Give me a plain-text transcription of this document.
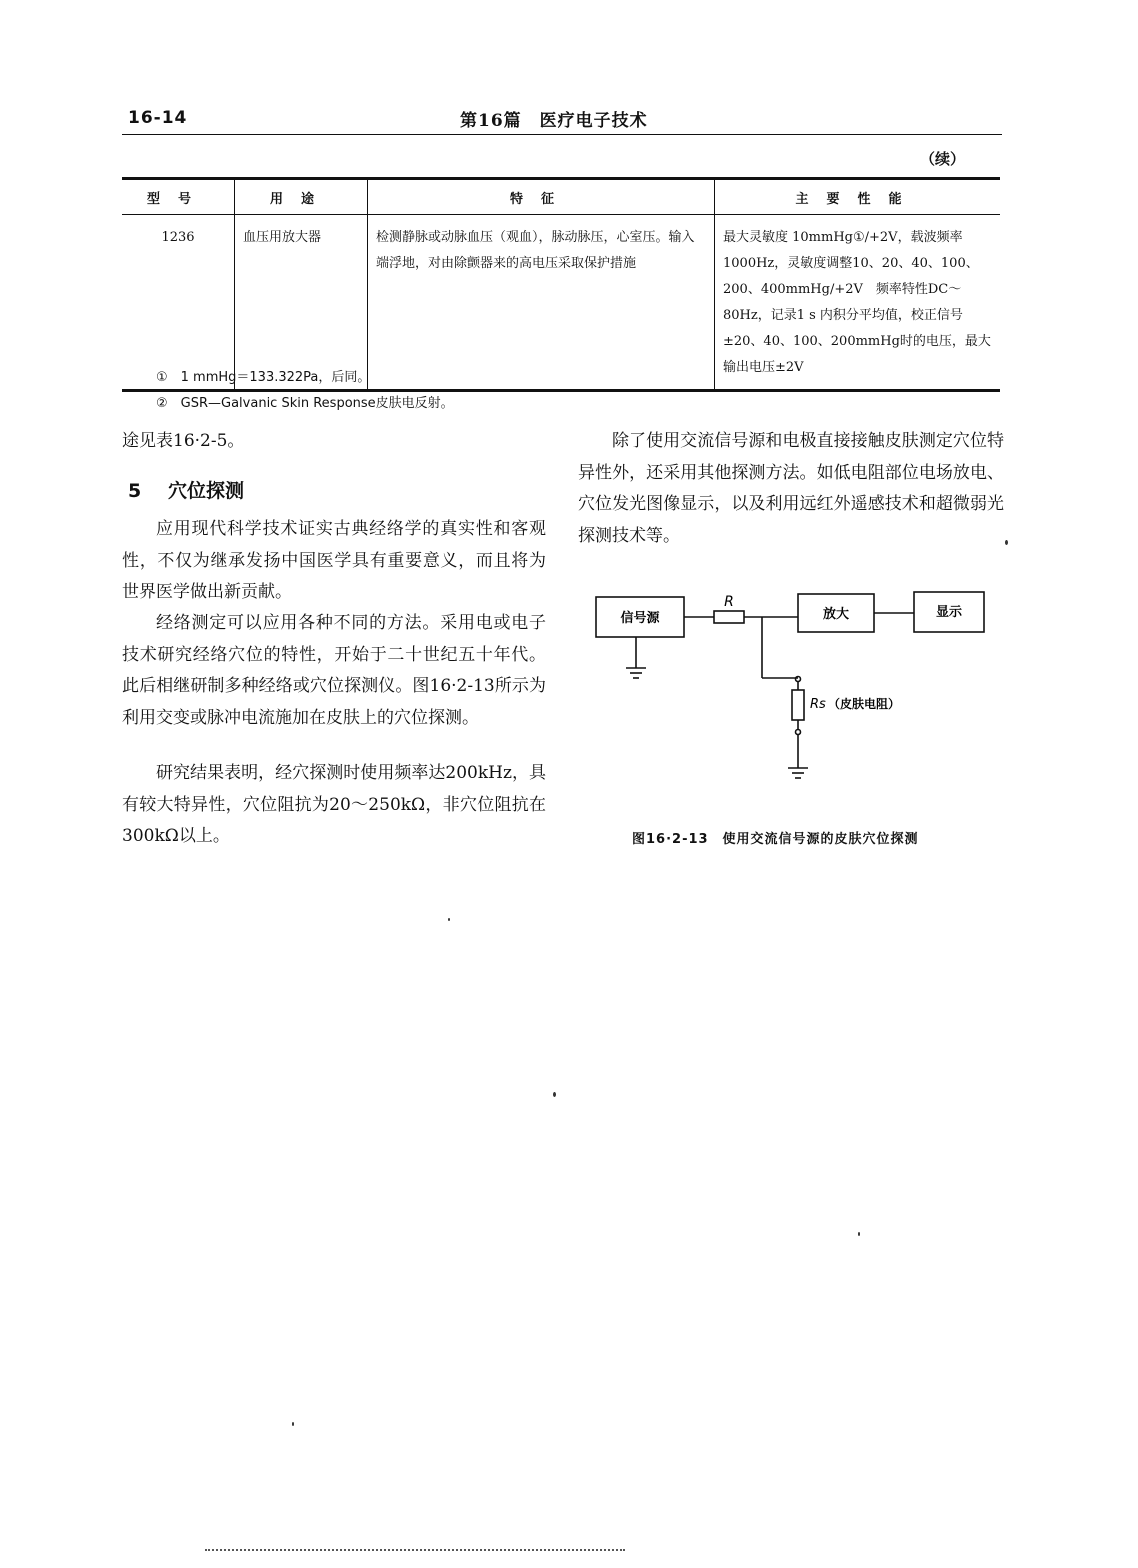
16-14	第16篇　医疗电子技术
（续）
型号	用途	特征	主要性能
1236	血压用放大器	检测静脉或动脉血压（观血），脉动脉压，心室压。输入端浮地，对由除颤器来的高电压采取保护措施	最大灵敏度 10mmHg①/+2V，载波频率1000Hz，灵敏度调整10、20、40、100、200、400mmHg/+2V　频率特性DC～80Hz，记录1 s 内积分平均值，校正信号±20、40、100、200mmHg时的电压，最大输出电压±2V
①　1 mmHg＝133.322Pa，后同。
②　GSR—Galvanic Skin Response皮肤电反射。
途见表16·2-5。
5 穴位探测
应用现代科学技术证实古典经络学的真实性和客观性，不仅为继承发扬中国医学具有重要意义，而且将为世界医学做出新贡献。
经络测定可以应用各种不同的方法。采用电或电子技术研究经络穴位的特性，开始于二十世纪五十年代。此后相继研制多种经络或穴位探测仪。图16·2-13所示为利用交变或脉冲电流施加在皮肤上的穴位探测。
研究结果表明，经穴探测时使用频率达200kHz，具有较大特异性，穴位阻抗为20～250kΩ，非穴位阻抗在300kΩ以上。
除了使用交流信号源和电极直接接触皮肤测定穴位特异性外，还采用其他探测方法。如低电阻部位电场放电、穴位发光图像显示，以及利用远红外遥感技术和超微弱光探测技术等。
信号源
R
放大	显示
Rs （皮肤电阻）
图16·2-13　使用交流信号源的皮肤穴位探测
